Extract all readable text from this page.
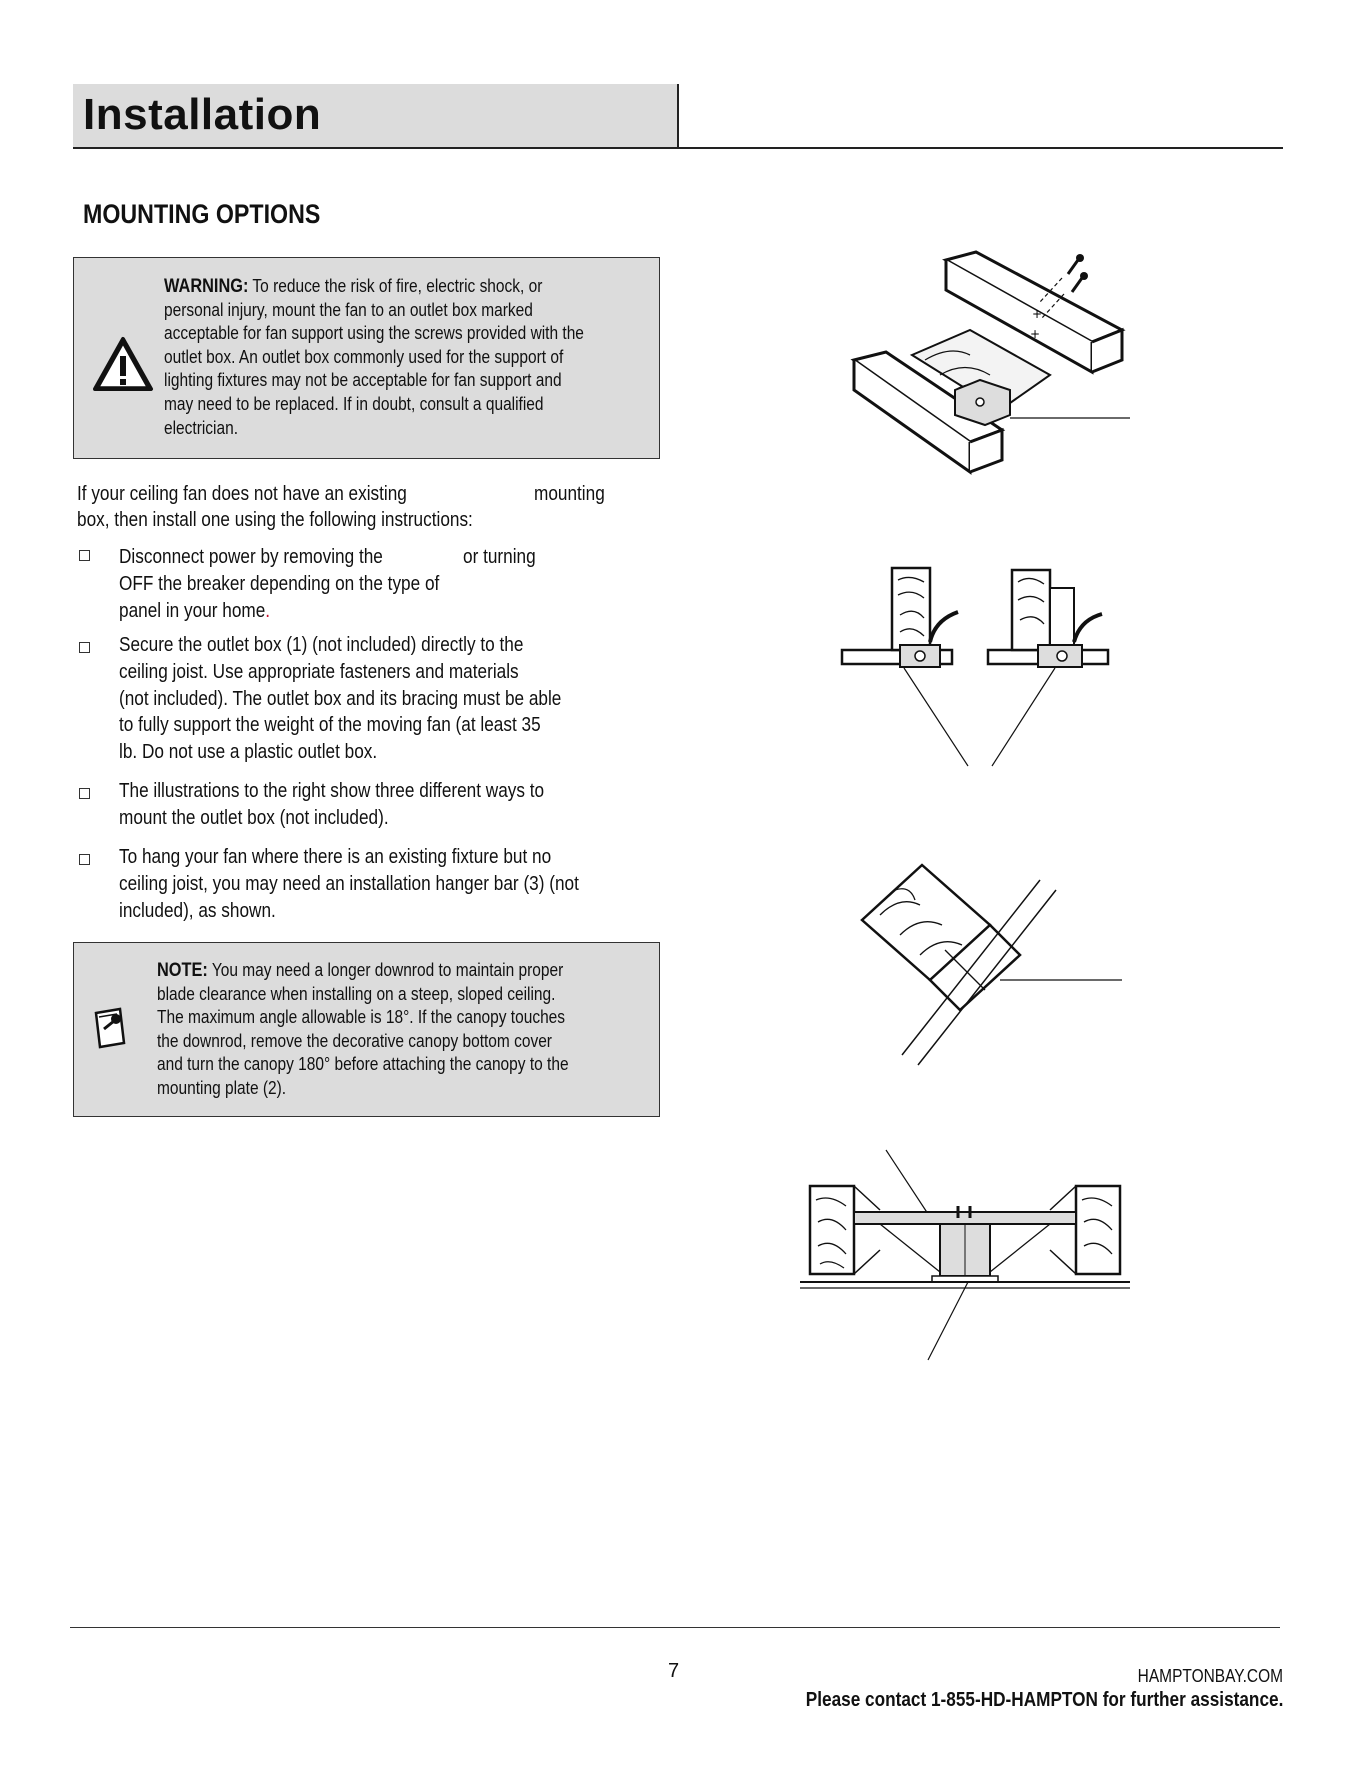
Installation
MOUNTING OPTIONS
WARNING: To reduce the risk of fire, electric shock, or
personal injury, mount the fan to an outlet box marked
acceptable for fan support using the screws provided with the
outlet box. An outlet box commonly used for the support of
lighting fixtures may not be acceptable for fan support and
may need to be replaced. If in doubt, consult a qualified
electrician.
If your ceiling fan does not have an existing	mounting
box, then install one using the following instructions:
Disconnect power by removing the	or turning
OFF the breaker depending on the type of
panel in your home.
Secure the outlet box (1) (not included) directly to the
ceiling joist. Use appropriate fasteners and materials
(not included). The outlet box and its bracing must be able
to fully support the weight of the moving fan (at least 35
lb. Do not use a plastic outlet box.
The illustrations to the right show three different ways to
mount the outlet box (not included).
To hang your fan where there is an existing fixture but no
ceiling joist, you may need an installation hanger bar (3) (not
included), as shown.
NOTE: You may need a longer downrod to maintain proper
blade clearance when installing on a steep, sloped ceiling.
The maximum angle allowable is 18°. If the canopy touches
the downrod, remove the decorative canopy bottom cover
and turn the canopy 180° before attaching the canopy to the
mounting plate (2).
+
+
7	HAMPTONBAY.COM
Please contact 1-855-HD-HAMPTON for further assistance.
